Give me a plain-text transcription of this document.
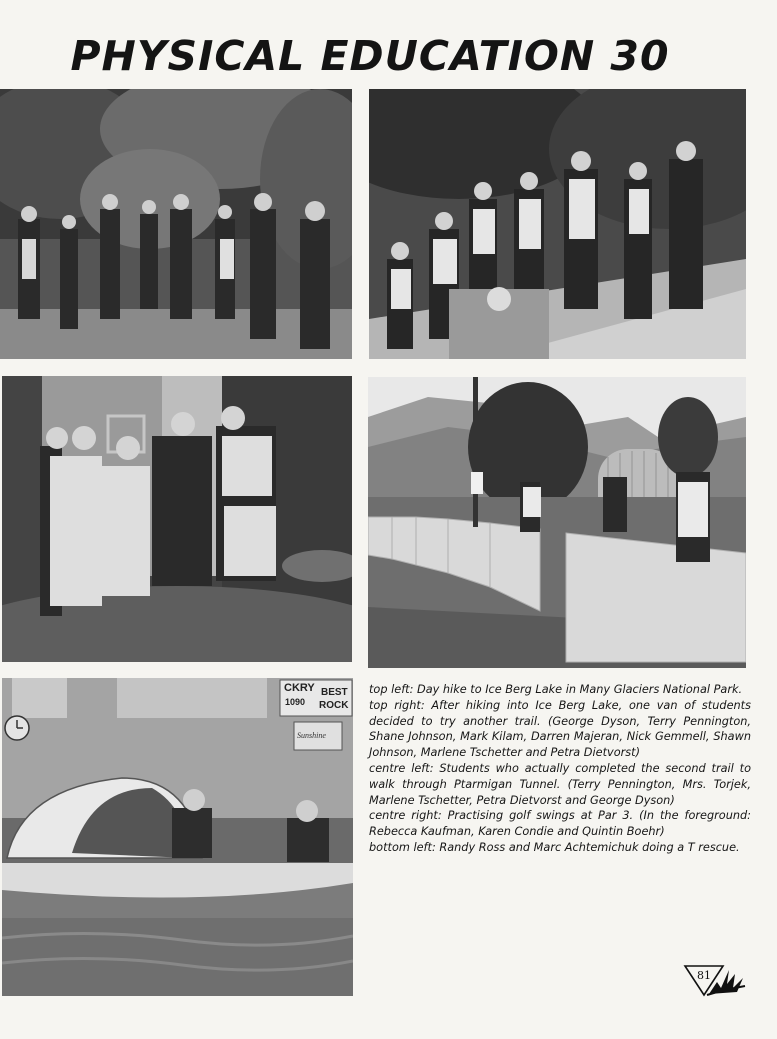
PHYSICAL EDUCATION 30
CKRY
1090
BEST
ROCK
Sunshine

top left: Day hike to Ice Berg Lake in Many Glaciers National Park.

top right: After hiking into Ice Berg Lake, one van of students decided to try another trail. (George Dyson, Terry Pennington, Shane Johnson, Mark Kilam, Darren Majeran, Nick Gemmell, Shawn Johnson, Marlene Tschetter and Petra Dietvorst)

centre left: Students who actually completed the second trail to walk through Ptarmigan Tunnel. (Terry Pennington, Mrs. Torjek, Marlene Tschetter, Petra Dietvorst and George Dyson)

centre right: Practising golf swings at Par 3. (In the foreground: Rebecca Kaufman, Karen Condie and Quintin Boehr)

bottom left: Randy Ross and Marc Achtemichuk doing a T rescue.

81
